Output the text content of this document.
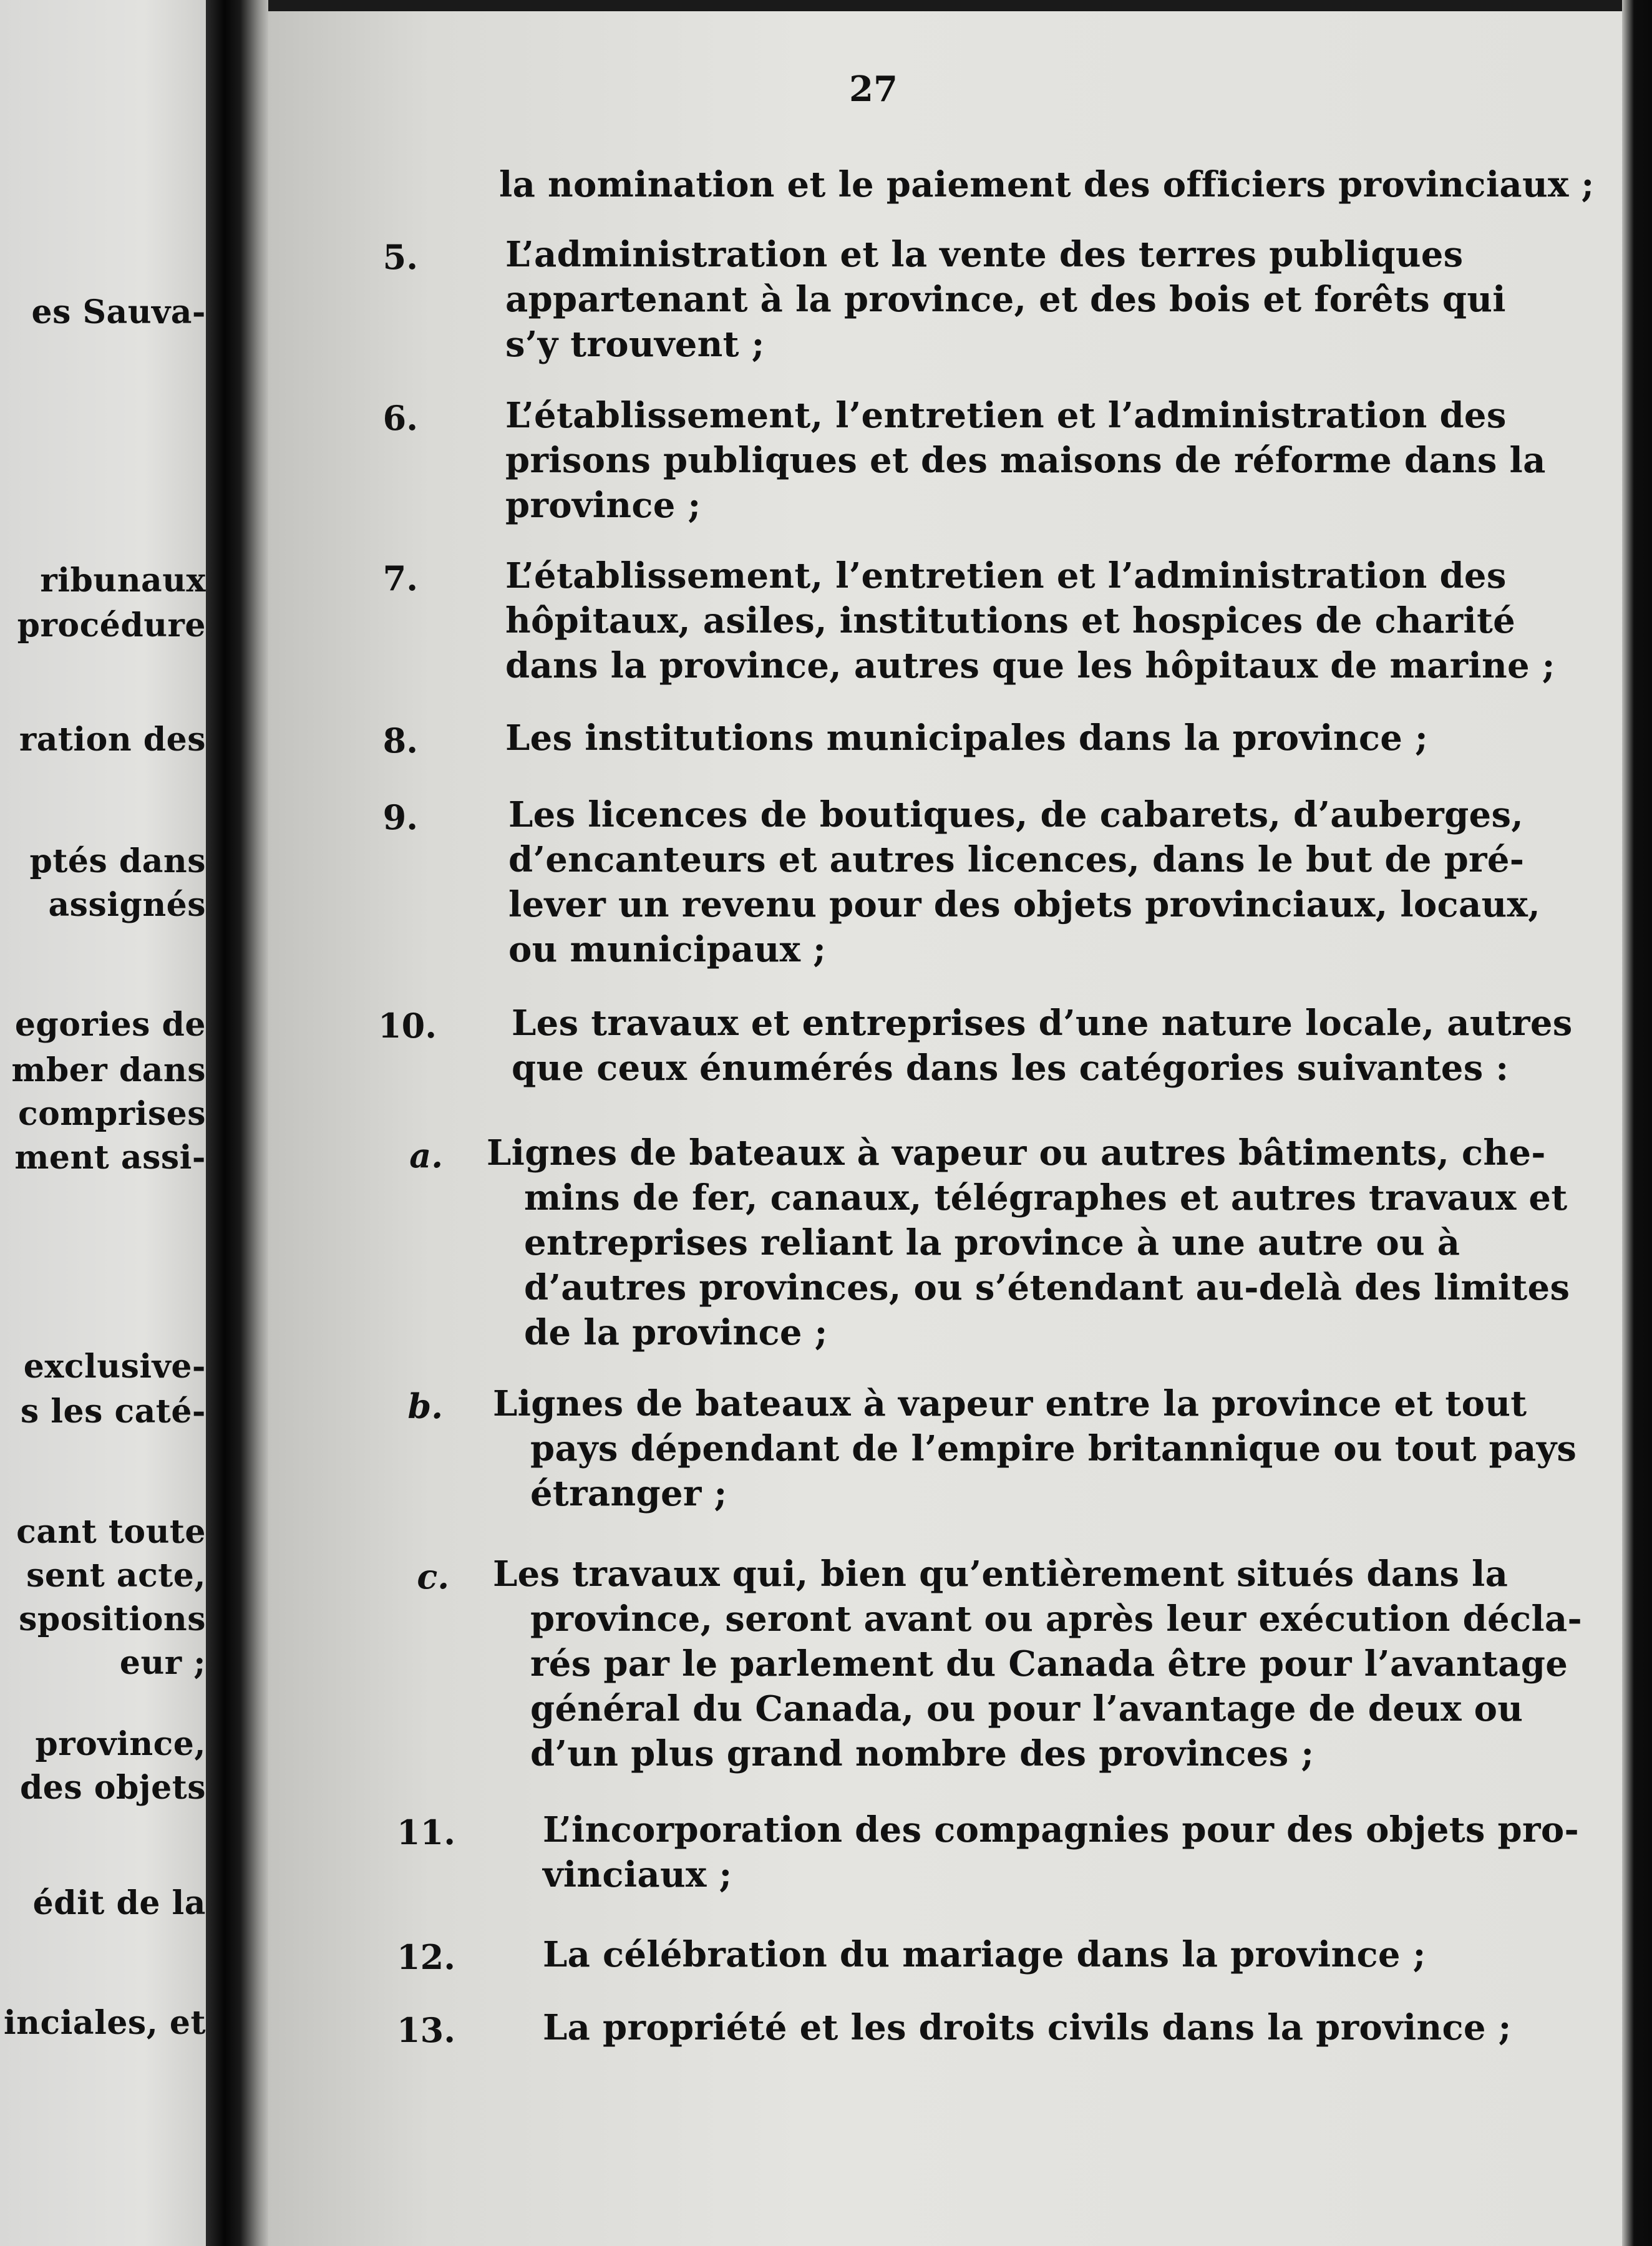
es Sauva-
ribunaux
procédure
ration des
ptés dans
assignés
egories de
mber dans
comprises
ment assi-
exclusive-
s les caté-
cant toute
sent acte,
spositions
eur ;
province,
des objets
édit de la
inciales, et
27
la nomination et le paiement des officiers provinciaux ;
5.	L’administration et la vente des terres publiques
appartenant à la province, et des bois et forêts qui
s’y trouvent ;
6.	L’établissement, l’entretien et l’administration des
prisons publiques et des maisons de réforme dans la
province ;
7.	L’établissement, l’entretien et l’administration des
hôpitaux, asiles, institutions et hospices de charité
dans la province, autres que les hôpitaux de marine ;
8.	Les institutions municipales dans la province ;
9.	Les licences de boutiques, de cabarets, d’auberges,
d’encanteurs et autres licences, dans le but de pré-
lever un revenu pour des objets provinciaux, locaux,
ou municipaux ;
10. Les travaux et entreprises d’une nature locale, autres
que ceux énumérés dans les catégories suivantes :
a. Lignes de bateaux à vapeur ou autres bâtiments, che-
mins de fer, canaux, télégraphes et autres travaux et
entreprises reliant la province à une autre ou à
d’autres provinces, ou s’étendant au-delà des limites
de la province ;
b. Lignes de bateaux à vapeur entre la province et tout
pays dépendant de l’empire britannique ou tout pays
étranger ;
c. Les travaux qui, bien qu’entièrement situés dans la
province, seront avant ou après leur exécution décla-
rés par le parlement du Canada être pour l’avantage
général du Canada, ou pour l’avantage de deux ou
d’un plus grand nombre des provinces ;
11.	L’incorporation des compagnies pour des objets pro-
vinciaux ;
12.	La célébration du mariage dans la province ;
13.	La propriété et les droits civils dans la province ;
